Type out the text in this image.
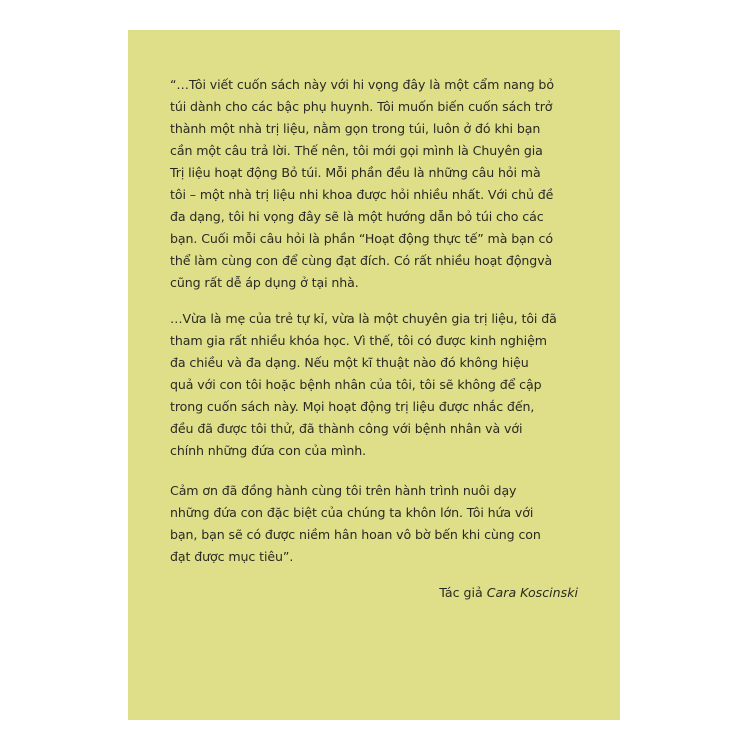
“…Tôi viết cuốn sách này với hi vọng đây là một cẩm nang bỏ
túi dành cho các bậc phụ huynh. Tôi muốn biến cuốn sách trở
thành một nhà trị liệu, nằm gọn trong túi, luôn ở đó khi bạn
cần một câu trả lời. Thế nên, tôi mới gọi mình là Chuyên gia
Trị liệu hoạt động Bỏ túi. Mỗi phần đều là những câu hỏi mà
tôi – một nhà trị liệu nhi khoa được hỏi nhiều nhất. Với chủ đề
đa dạng, tôi hi vọng đây sẽ là một hướng dẫn bỏ túi cho các
bạn. Cuối mỗi câu hỏi là phần “Hoạt động thực tế” mà bạn có
thể làm cùng con để cùng đạt đích. Có rất nhiều hoạt độngvà
cũng rất dễ áp dụng ở tại nhà.
…Vừa là mẹ của trẻ tự kỉ, vừa là một chuyên gia trị liệu, tôi đã
tham gia rất nhiều khóa học. Vì thế, tôi có được kinh nghiệm
đa chiều và đa dạng. Nếu một kĩ thuật nào đó không hiệu
quả với con tôi hoặc bệnh nhân của tôi, tôi sẽ không để cập
trong cuốn sách này. Mọi hoạt động trị liệu được nhắc đến,
đều đã được tôi thử, đã thành công với bệnh nhân và với
chính những đứa con của mình.
Cảm ơn đã đồng hành cùng tôi trên hành trình nuôi dạy
những đứa con đặc biệt của chúng ta khôn lớn. Tôi hứa với
bạn, bạn sẽ có được niềm hân hoan vô bờ bến khi cùng con
đạt được mục tiêu”.
Tác giả Cara Koscinski
